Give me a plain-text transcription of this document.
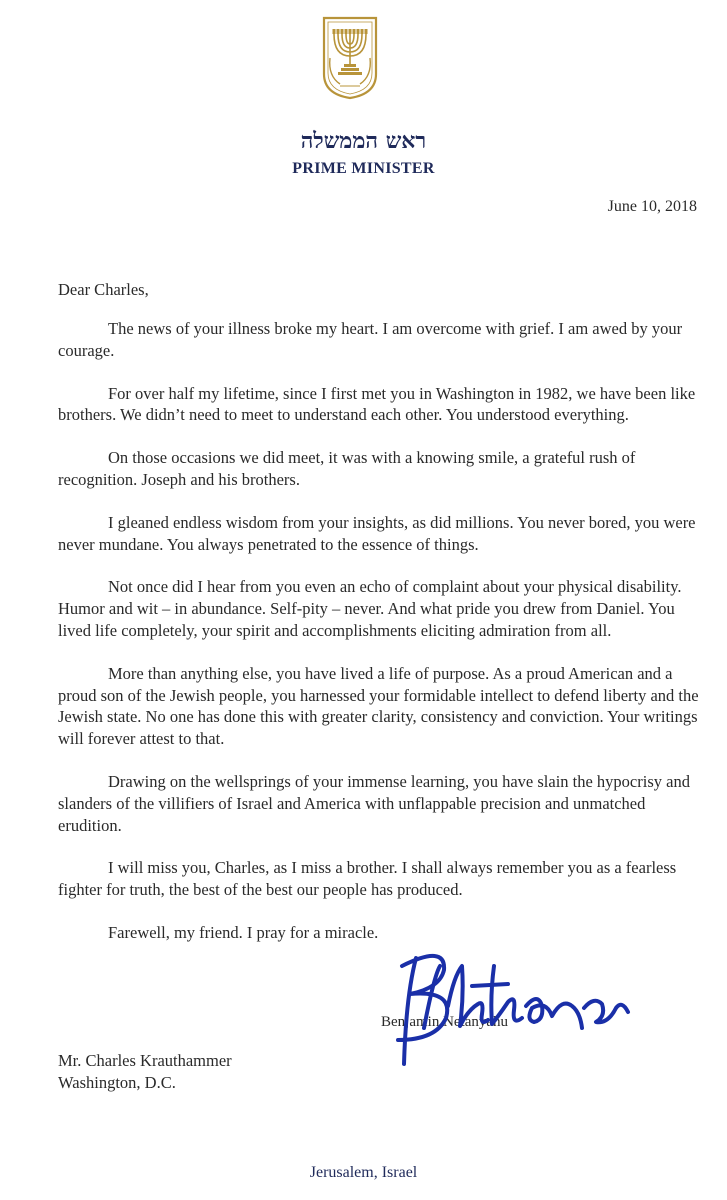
ראש הממשלה
PRIME MINISTER
June 10, 2018
Dear Charles,

The news of your illness broke my heart. I am overcome with grief. I am awed by your courage.

For over half my lifetime, since I first met you in Washington in 1982, we have been like brothers. We didn’t need to meet to understand each other. You understood everything.

On those occasions we did meet, it was with a knowing smile, a grateful rush of recognition. Joseph and his brothers.

I gleaned endless wisdom from your insights, as did millions. You never bored, you were never mundane. You always penetrated to the essence of things.

Not once did I hear from you even an echo of complaint about your physical disability. Humor and wit – in abundance. Self-pity – never. And what pride you drew from Daniel. You lived life completely, your spirit and accomplishments eliciting admiration from all.

More than anything else, you have lived a life of purpose. As a proud American and a proud son of the Jewish people, you harnessed your formidable intellect to defend liberty and the Jewish state. No one has done this with greater clarity, consistency and conviction. Your writings will forever attest to that.

Drawing on the wellsprings of your immense learning, you have slain the hypocrisy and slanders of the villifiers of Israel and America with unflappable precision and unmatched erudition.

I will miss you, Charles, as I miss a brother. I shall always remember you as a fearless fighter for truth, the best of the best our people has produced.

Farewell, my friend. I pray for a miracle.

Benjamin Netanyahu
Mr. Charles Krauthammer
Washington, D.C.
Jerusalem, Israel
